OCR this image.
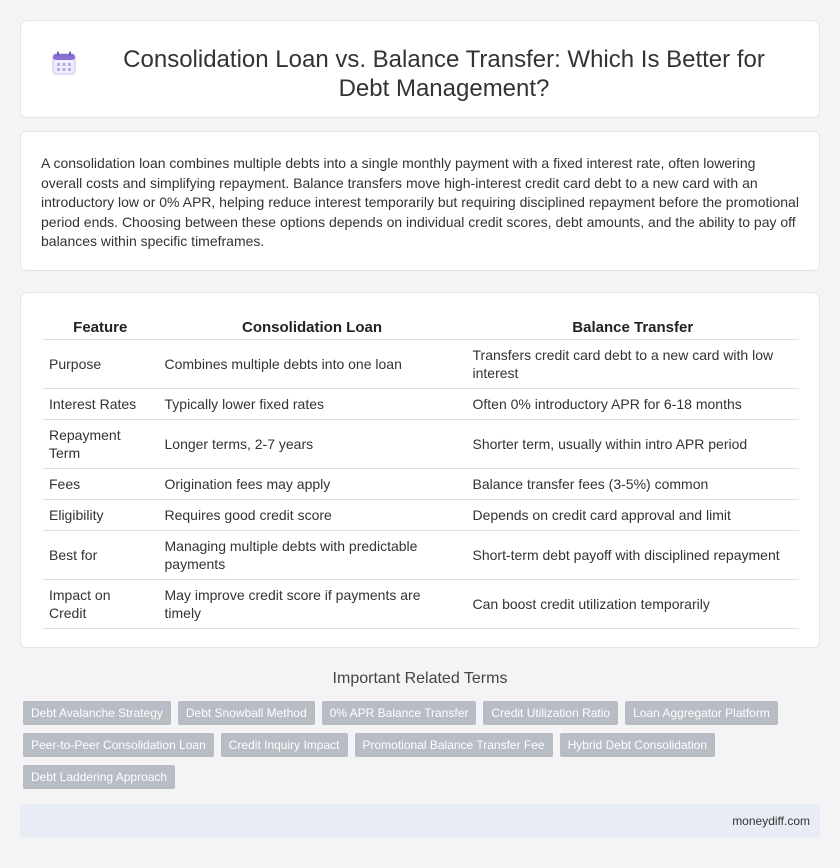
Consolidation Loan vs. Balance Transfer: Which Is Better for Debt Management?

A consolidation loan combines multiple debts into a single monthly payment with a fixed interest rate, often lowering overall costs and simplifying repayment. Balance transfers move high-interest credit card debt to a new card with an introductory low or 0% APR, helping reduce interest temporarily but requiring disciplined repayment before the promotional period ends. Choosing between these options depends on individual credit scores, debt amounts, and the ability to pay off balances within specific timeframes.

Feature	Consolidation Loan	Balance Transfer
Purpose	Combines multiple debts into one loan	Transfers credit card debt to a new card with low interest
Interest Rates	Typically lower fixed rates	Often 0% introductory APR for 6-18 months
Repayment Term	Longer terms, 2-7 years	Shorter term, usually within intro APR period
Fees	Origination fees may apply	Balance transfer fees (3-5%) common
Eligibility	Requires good credit score	Depends on credit card approval and limit
Best for	Managing multiple debts with predictable payments	Short-term debt payoff with disciplined repayment
Impact on Credit	May improve credit score if payments are timely	Can boost credit utilization temporarily
Important Related Terms
Debt Avalanche Strategy	Debt Snowball Method	0% APR Balance Transfer	Credit Utilization Ratio	Loan Aggregator Platform
Peer-to-Peer Consolidation Loan	Credit Inquiry Impact	Promotional Balance Transfer Fee	Hybrid Debt Consolidation
Debt Laddering Approach
moneydiff.com
